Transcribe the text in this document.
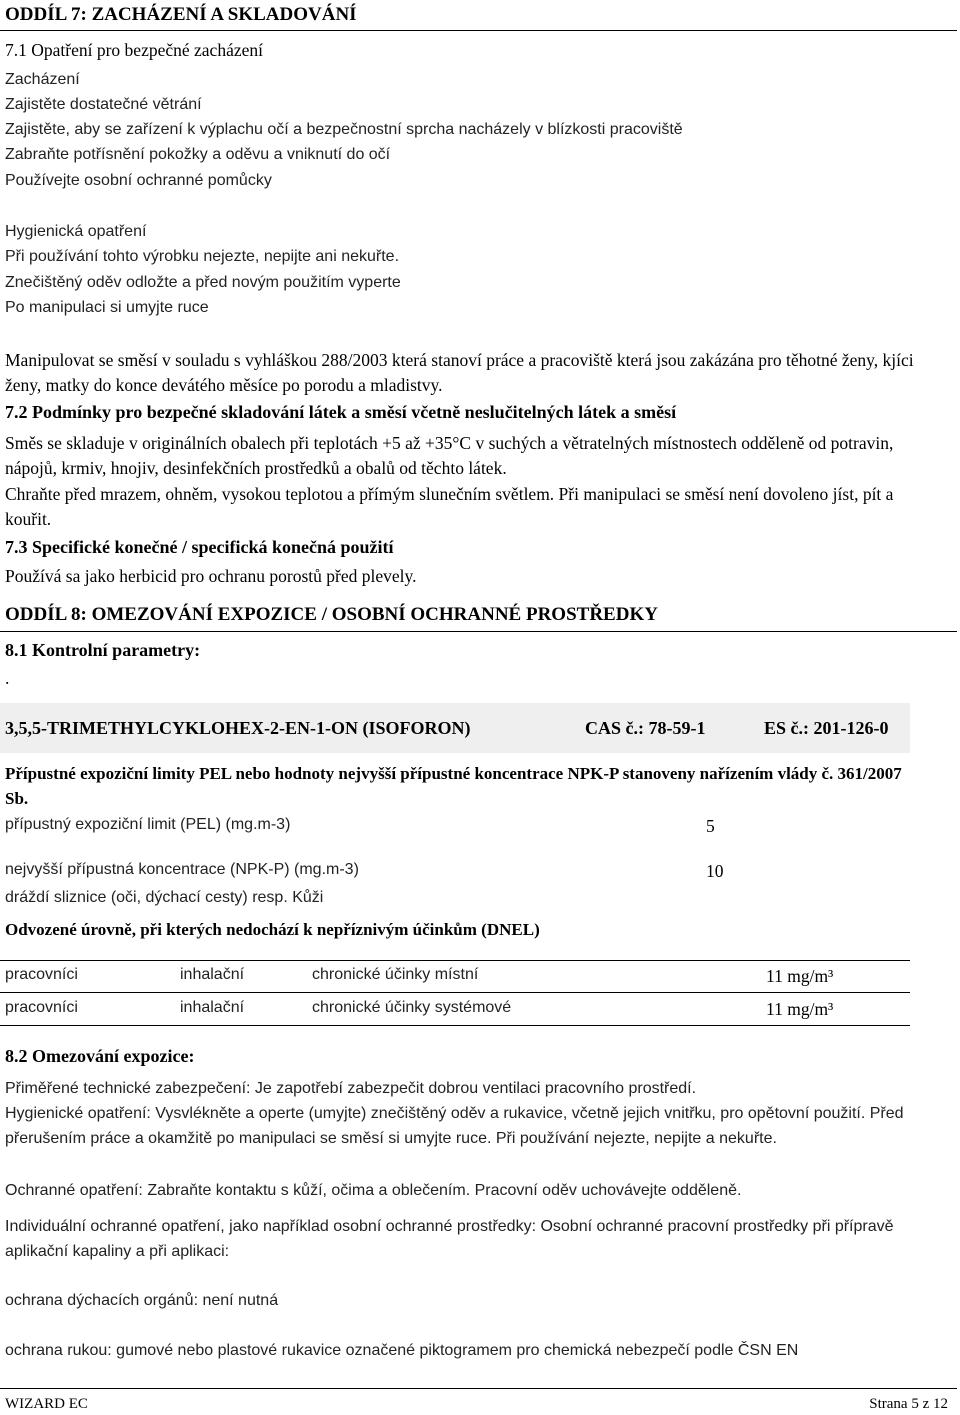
ODDÍL 7: ZACHÁZENÍ A SKLADOVÁNÍ
7.1 Opatření pro bezpečné zacházení
Zacházení
Zajistěte dostatečné větrání
Zajistěte, aby se zařízení k výplachu očí a bezpečnostní sprcha nacházely v blízkosti pracoviště
Zabraňte potřísnění pokožky a oděvu a vniknutí do očí
Používejte osobní ochranné pomůcky
Hygienická opatření
Při používání tohto výrobku nejezte, nepijte ani nekuřte.
Znečištěný oděv odložte a před novým použitím vyperte
Po manipulaci si umyjte ruce
Manipulovat se směsí v souladu s vyhláškou 288/2003 která stanoví práce a pracoviště která jsou zakázána pro těhotné ženy, kjíci ženy, matky do konce devátého měsíce po porodu a mladistvy.
7.2 Podmínky pro bezpečné skladování látek a směsí včetně neslučitelných látek a směsí
Směs se skladuje v originálních obalech při teplotách +5 až +35°C v suchých a větratelných místnostech odděleně od potravin, nápojů, krmiv, hnojiv, desinfekčních prostředků a obalů od těchto látek.
Chraňte před mrazem, ohněm, vysokou teplotou a přímým slunečním světlem. Při manipulaci se směsí není dovoleno jíst, pít a kouřit.
7.3 Specifické konečné / specifická konečná použití
Používá sa jako herbicid pro ochranu porostů před plevely.
ODDÍL 8: OMEZOVÁNÍ EXPOZICE / OSOBNÍ OCHRANNÉ PROSTŘEDKY
8.1 Kontrolní parametry:
.
3,5,5-TRIMETHYLCYKLOHEX-2-EN-1-ON (ISOFORON)	CAS č.: 78-59-1	ES č.: 201-126-0
Přípustné expoziční limity PEL nebo hodnoty nejvyšší přípustné koncentrace NPK-P stanoveny nařízením vlády č. 361/2007 Sb.
přípustný expoziční limit (PEL) (mg.m-3)	5
nejvyšší přípustná koncentrace (NPK-P) (mg.m-3)	10
dráždí sliznice (oči, dýchací cesty) resp. Kůži
Odvozené úrovně, při kterých nedochází k nepříznivým účinkům (DNEL)
pracovníci	inhalační	chronické účinky místní	11 mg/m³
pracovníci	inhalační	chronické účinky systémové	11 mg/m³
8.2 Omezování expozice:
Přiměřené technické zabezpečení: Je zapotřebí zabezpečit dobrou ventilaci pracovního prostředí.
Hygienické opatření: Vysvlékněte a operte (umyjte) znečištěný oděv a rukavice, včetně jejich vnitřku, pro opětovní použití. Před přerušením práce a okamžitě po manipulaci se směsí si umyjte ruce. Při používání nejezte, nepijte a nekuřte.
Ochranné opatření: Zabraňte kontaktu s kůží, očima a oblečením. Pracovní oděv uchovávejte odděleně.
Individuální ochranné opatření, jako například osobní ochranné prostředky: Osobní ochranné pracovní prostředky při přípravě aplikační kapaliny a při aplikaci:
ochrana dýchacích orgánů: není nutná
ochrana rukou: gumové nebo plastové rukavice označené piktogramem pro chemická nebezpečí podle ČSN EN
WIZARD EC	Strana 5 z 12
